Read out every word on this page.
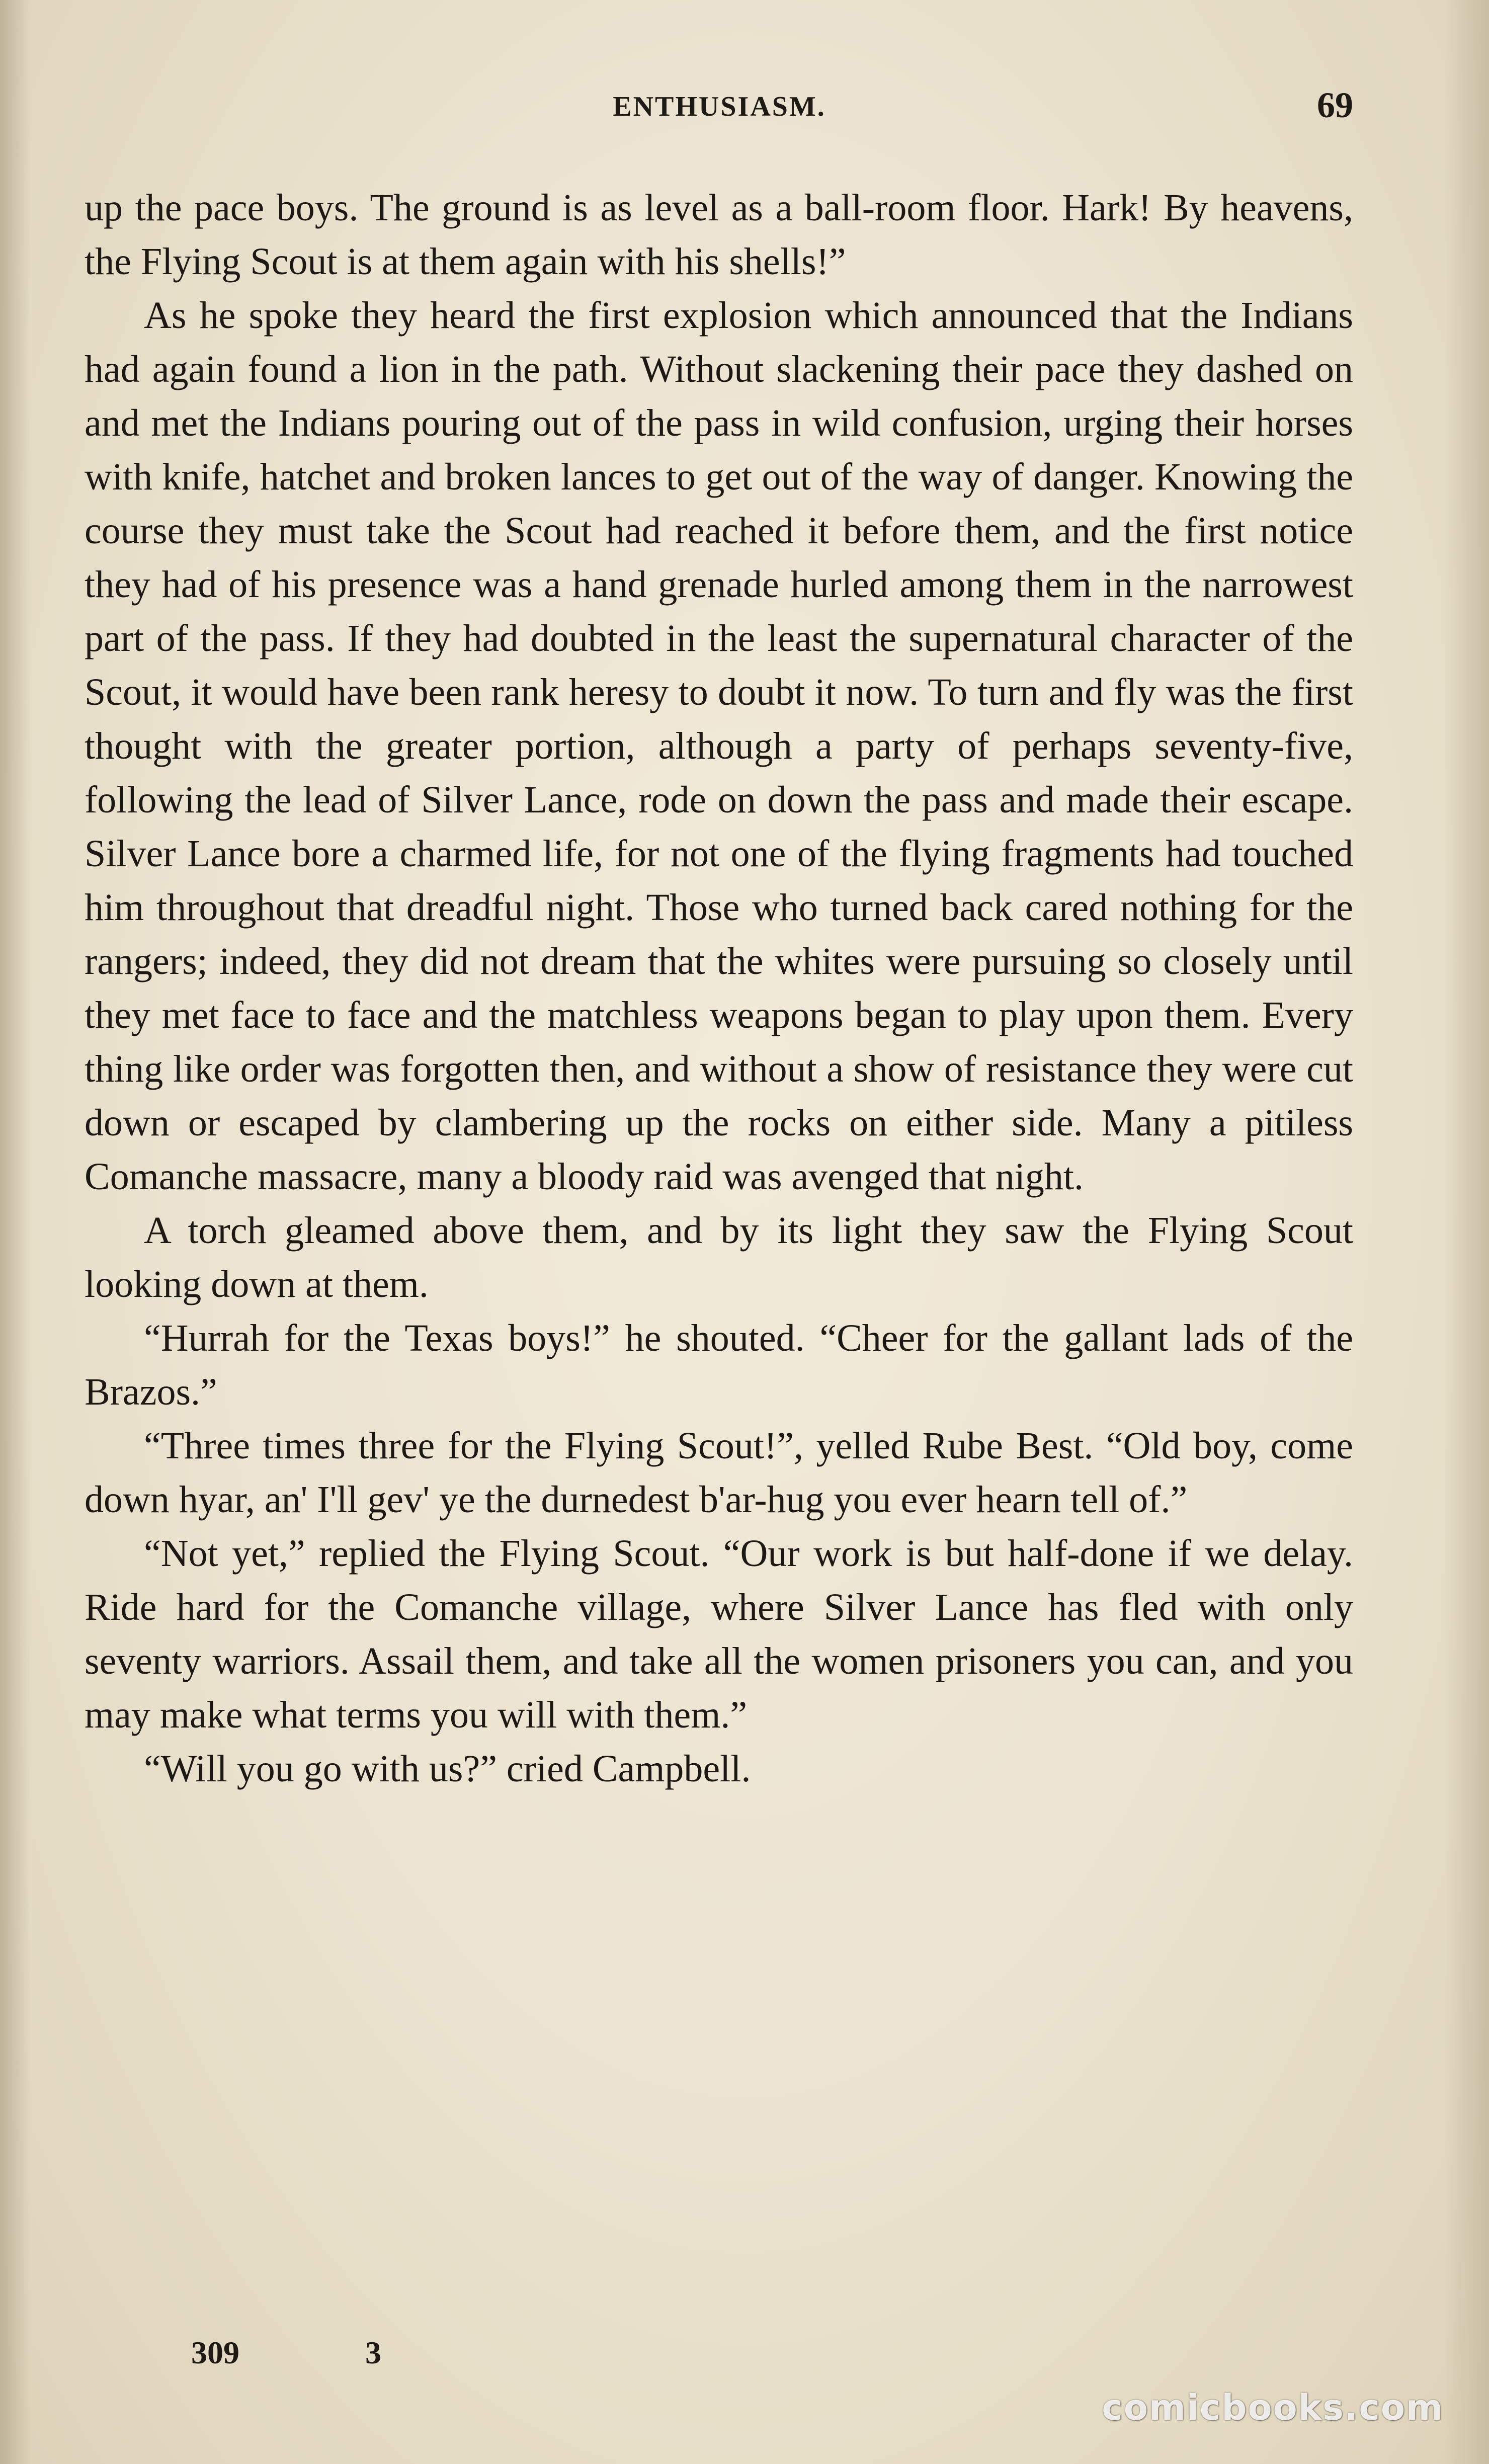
ENTHUSIASM.	69

up the pace boys. The ground is as level as a ball-room floor. Hark! By heavens, the Flying Scout is at them again with his shells!”

As he spoke they heard the first explosion which announced that the Indians had again found a lion in the path. Without slackening their pace they dashed on and met the Indians pouring out of the pass in wild confusion, urging their horses with knife, hatchet and broken lances to get out of the way of danger. Knowing the course they must take the Scout had reached it before them, and the first notice they had of his presence was a hand grenade hurled among them in the narrowest part of the pass. If they had doubted in the least the supernatural character of the Scout, it would have been rank heresy to doubt it now. To turn and fly was the first thought with the greater portion, although a party of perhaps seventy-five, following the lead of Silver Lance, rode on down the pass and made their escape. Silver Lance bore a charmed life, for not one of the flying fragments had touched him throughout that dreadful night. Those who turned back cared nothing for the rangers; indeed, they did not dream that the whites were pursuing so closely until they met face to face and the matchless weapons began to play upon them. Every thing like order was forgotten then, and without a show of resistance they were cut down or escaped by clambering up the rocks on either side. Many a pitiless Comanche massacre, many a bloody raid was avenged that night.

A torch gleamed above them, and by its light they saw the Flying Scout looking down at them.

“Hurrah for the Texas boys!” he shouted. “Cheer for the gallant lads of the Brazos.”

“Three times three for the Flying Scout!”, yelled Rube Best. “Old boy, come down hyar, an' I'll gev' ye the durnedest b'ar-hug you ever hearn tell of.”

“Not yet,” replied the Flying Scout. “Our work is but half-done if we delay. Ride hard for the Comanche village, where Silver Lance has fled with only seventy warriors. Assail them, and take all the women prisoners you can, and you may make what terms you will with them.”

“Will you go with us?” cried Campbell.

309	3
comicbooks.com
